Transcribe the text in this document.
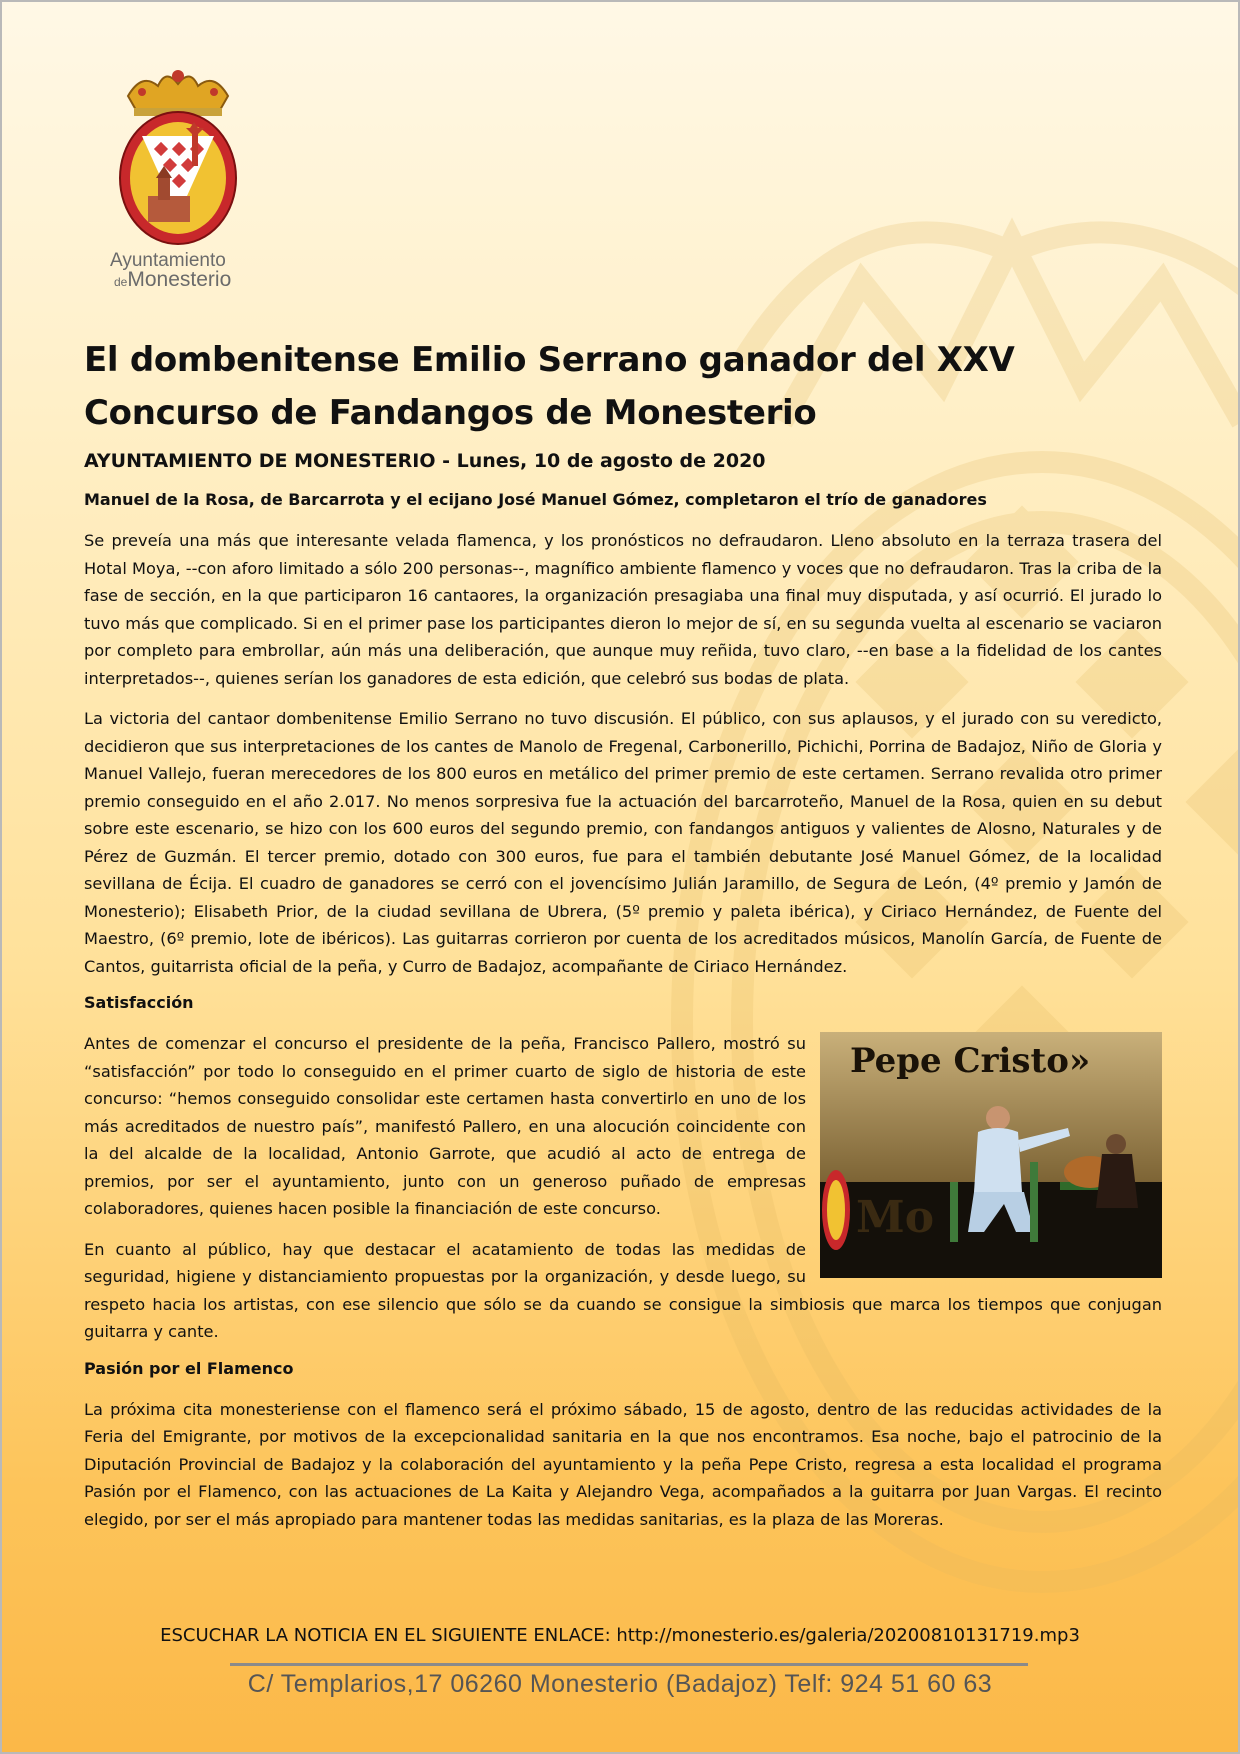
Ayuntamiento
deMonesterio
El dombenitense Emilio Serrano ganador del XXV Concurso de Fandangos de Monesterio
AYUNTAMIENTO DE MONESTERIO - Lunes, 10 de agosto de 2020
Manuel de la Rosa, de Barcarrota y el ecijano José Manuel Gómez, completaron el trío de ganadores

Se preveía una más que interesante velada flamenca, y los pronósticos no defraudaron. Lleno absoluto en la terraza trasera del Hotal Moya, --con aforo limitado a sólo 200 personas--, magnífico ambiente flamenco y voces que no defraudaron. Tras la criba de la fase de sección, en la que participaron 16 cantaores, la organización presagiaba una final muy disputada, y así ocurrió. El jurado lo tuvo más que complicado. Si en el primer pase los participantes dieron lo mejor de sí, en su segunda vuelta al escenario se vaciaron por completo para embrollar, aún más una deliberación, que aunque muy reñida, tuvo claro, --en base a la fidelidad de los cantes interpretados--, quienes serían los ganadores de esta edición, que celebró sus bodas de plata.

La victoria del cantaor dombenitense Emilio Serrano no tuvo discusión. El público, con sus aplausos, y el jurado con su veredicto, decidieron que sus interpretaciones de los cantes de Manolo de Fregenal, Carbonerillo, Pichichi, Porrina de Badajoz, Niño de Gloria y Manuel Vallejo, fueran merecedores de los 800 euros en metálico del primer premio de este certamen. Serrano revalida otro primer premio conseguido en el año 2.017. No menos sorpresiva fue la actuación del barcarroteño, Manuel de la Rosa, quien en su debut sobre este escenario, se hizo con los 600 euros del segundo premio, con fandangos antiguos y valientes de Alosno, Naturales y de Pérez de Guzmán. El tercer premio, dotado con 300 euros, fue para el también debutante José Manuel Gómez, de la localidad sevillana de Écija. El cuadro de ganadores se cerró con el jovencísimo Julián Jaramillo, de Segura de León, (4º premio y Jamón de Monesterio); Elisabeth Prior, de la ciudad sevillana de Ubrera, (5º premio y paleta ibérica), y Ciriaco Hernández, de Fuente del Maestro, (6º premio, lote de ibéricos). Las guitarras corrieron por cuenta de los acreditados músicos, Manolín García, de Fuente de Cantos, guitarrista oficial de la peña, y Curro de Badajoz, acompañante de Ciriaco Hernández.

Satisfacción
Pepe Cristo»
Mo

Antes de comenzar el concurso el presidente de la peña, Francisco Pallero, mostró su “satisfacción” por todo lo conseguido en el primer cuarto de siglo de historia de este concurso: “hemos conseguido consolidar este certamen hasta convertirlo en uno de los más acreditados de nuestro país”, manifestó Pallero, en una alocución coincidente con la del alcalde de la localidad, Antonio Garrote, que acudió al acto de entrega de premios, por ser el ayuntamiento, junto con un generoso puñado de empresas colaboradores, quienes hacen posible la financiación de este concurso.

En cuanto al público, hay que destacar el acatamiento de todas las medidas de seguridad, higiene y distanciamiento propuestas por la organización, y desde luego, su respeto hacia los artistas, con ese silencio que sólo se da cuando se consigue la simbiosis que marca los tiempos que conjugan guitarra y cante.

Pasión por el Flamenco

La próxima cita monesteriense con el flamenco será el próximo sábado, 15 de agosto, dentro de las reducidas actividades de la Feria del Emigrante, por motivos de la excepcionalidad sanitaria en la que nos encontramos. Esa noche, bajo el patrocinio de la Diputación Provincial de Badajoz y la colaboración del ayuntamiento y la peña Pepe Cristo, regresa a esta localidad el programa Pasión por el Flamenco, con las actuaciones de La Kaita y Alejandro Vega, acompañados a la guitarra por Juan Vargas. El recinto elegido, por ser el más apropiado para mantener todas las medidas sanitarias, es la plaza de las Moreras.

ESCUCHAR LA NOTICIA EN EL SIGUIENTE ENLACE: http://monesterio.es/galeria/20200810131719.mp3
C/ Templarios,17 06260 Monesterio (Badajoz) Telf: 924 51 60 63
